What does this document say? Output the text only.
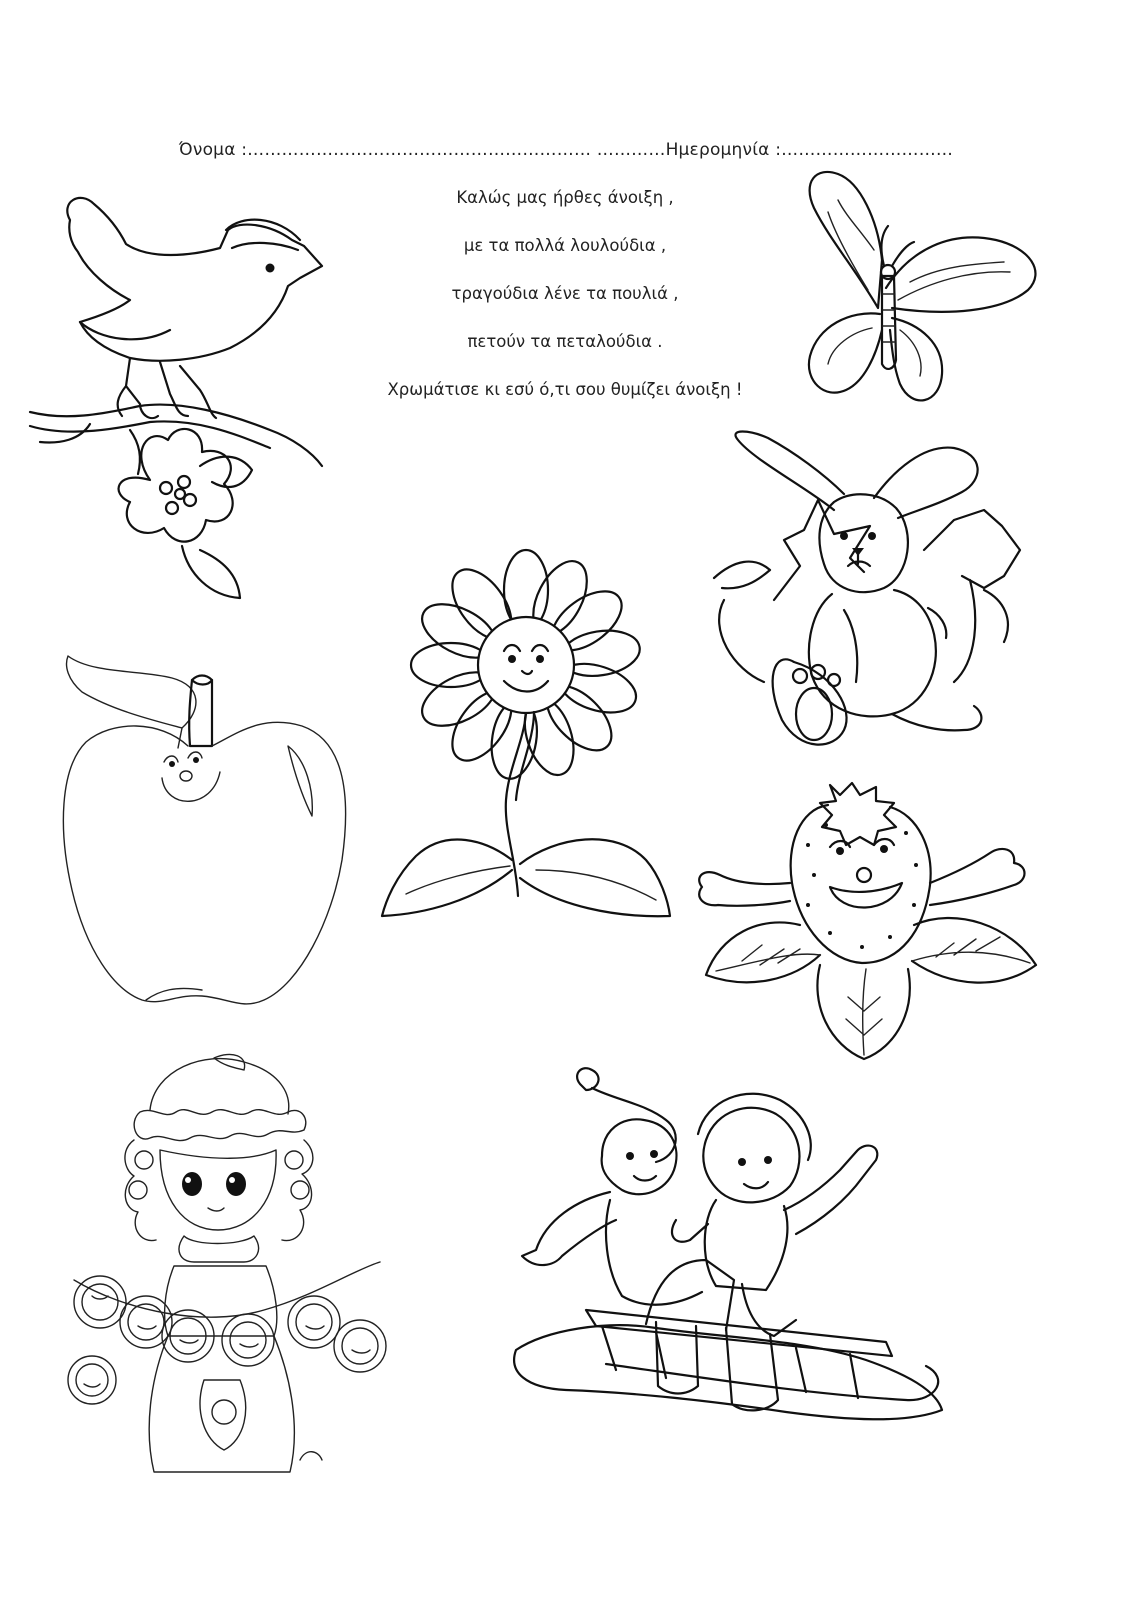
Όνομα :…………………………………………………… …………Ημερομηνία :…………………………
Καλώς μας ήρθες άνοιξη ,
με τα πολλά λουλούδια ,
τραγούδια λένε τα πουλιά ,
πετούν τα πεταλούδια .
Χρωμάτισε κι εσύ ό,τι σου θυμίζει άνοιξη !
